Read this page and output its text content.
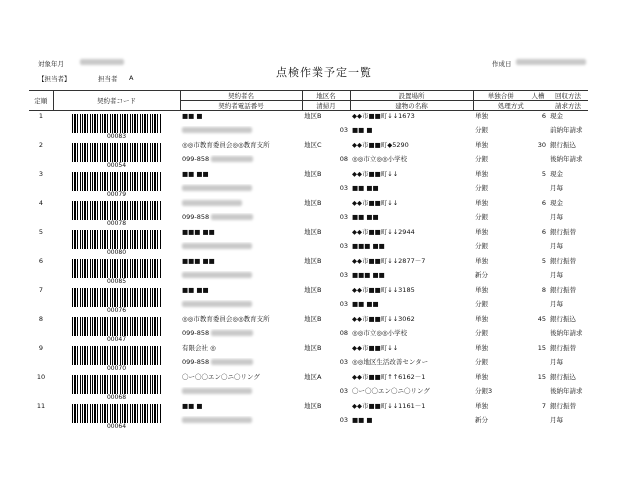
対象年月
点検作業予定一覧
作成日
【担当者】	担当者 A
定順	契約者コード	契約者名	地区名	設置場所	単独合併	人槽	回収方法
		契約者電話番号	清掃月	建物の名称	処理方式		請求方法
1	00083	■■ ■	地区B	◆◆市■■町↓↓1673	単独	6	現金
			03	■■ ■	分銀		前納年請求
2	00054	◎◎市教育委員会◎◎教育支所	地区C	◆◆市■■町◆5290	単独	30	銀行振込
		099-858	08	◎◎市立◎◎小学校	分銀		後納年請求
3	00079	■■ ■■	地区B	◆◆市■■町↓↓	単独	5	現金
			03	■■ ■■	分銀		月毎
4	00078		地区B	◆◆市■■町↓↓	単独	6	現金
		099-858	03	■■ ■■	分銀		月毎
5	00080	■■■ ■■	地区B	◆◆市■■町↓↓2944	単独	6	銀行振替
			03	■■■ ■■	分銀		月毎
6	00085	■■■ ■■	地区B	◆◆市■■町↓↓2877－7	単独	5	銀行振替
			03	■■■ ■■	新分		月毎
7	00076	■■ ■■	地区B	◆◆市■■町↓↓3185	単独	8	銀行振替
			03	■■ ■■	分銀		月毎
8	00047	◎◎市教育委員会◎◎教育支所	地区B	◆◆市■■町↓↓3062	単独	45	銀行振込
		099-858	08	◎◎市立◎◎小学校	分銀		後納年請求
9	00070	有限会社 ◎	地区B	◆◆市■■町↓↓	単独	15	銀行振替
		099-858	03	◎◎地区生活改善センター	分銀		月毎
10	00068	〇ー〇〇エン〇ニ〇リング	地区A	◆◆市■■町↑↑6162－1	単独	15	銀行振込
			03	〇ー〇〇エン〇ニ〇リング	分銀3		後納年請求
11	00064	■■ ■	地区B	◆◆市■■町↓↓1161－1	単独	7	銀行振替
			03	■■ ■	新分		月毎
